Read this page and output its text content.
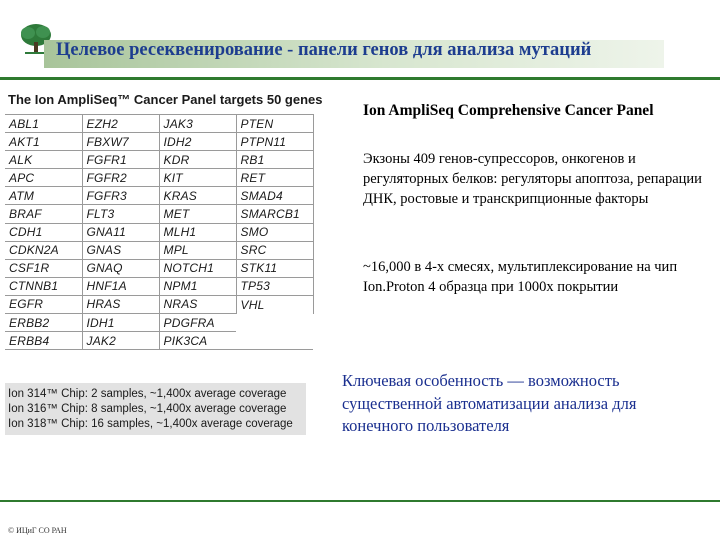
Целевое ресеквенирование - панели генов для анализа мутаций
The Ion AmpliSeq™ Cancer Panel targets 50 genes
ABL1	EZH2	JAK3	PTEN
AKT1	FBXW7	IDH2	PTPN11
ALK	FGFR1	KDR	RB1
APC	FGFR2	KIT	RET
ATM	FGFR3	KRAS	SMAD4
BRAF	FLT3	MET	SMARCB1
CDH1	GNA11	MLH1	SMO
CDKN2A	GNAS	MPL	SRC
CSF1R	GNAQ	NOTCH1	STK11
CTNNB1	HNF1A	NPM1	TP53
EGFR	HRAS	NRAS	VHL
ERBB2	IDH1	PDGFRA	
ERBB4	JAK2	PIK3CA	
Ion 314™ Chip: 2 samples, ~1,400x average coverage
Ion 316™ Chip: 8 samples, ~1,400x average coverage
Ion 318™ Chip: 16 samples, ~1,400x average coverage
Ion AmpliSeq Comprehensive Cancer Panel
Экзоны 409 генов-супрессоров, онкогенов и регуляторных белков: регуляторы апоптоза, репарации ДНК, ростовые и транскрипционные факторы
~16,000 в 4-х смесях, мультиплексирование на чип Ion.Proton 4 образца при 1000x покрытии
Ключевая особенность — возможность существенной автоматизации анализа для конечного пользователя
© ИЦиГ СО РАН
